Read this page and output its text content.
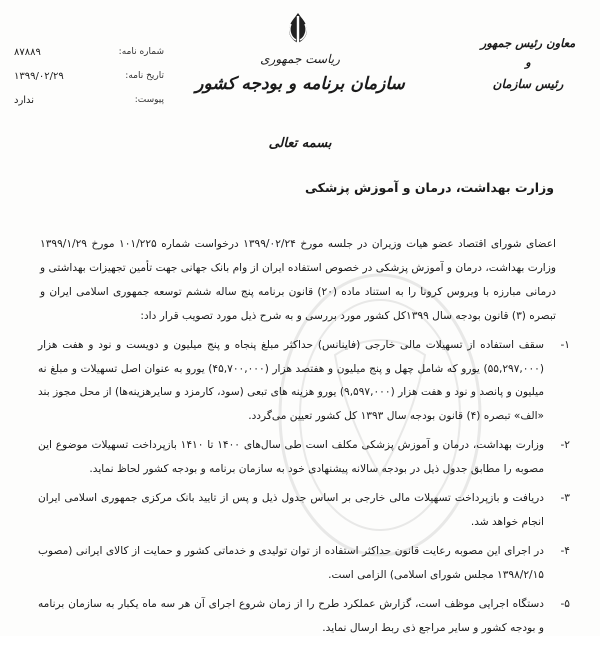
شماره نامه:
۸۷۸۸۹
تاریخ نامه:
۱۳۹۹/۰۲/۲۹
پیوست:
ندارد
ریاست جمهوری
سازمان برنامه و بودجه کشور
معاون رئیس جمهور
و
رئیس سازمان
بسمه تعالی
وزارت بهداشت، درمان و آموزش پزشکی
اعضای شورای اقتصاد عضو هیات وزیران در جلسه مورخ ۱۳۹۹/۰۲/۲۴ درخواست شماره ۱۰۱/۲۲۵ مورخ ۱۳۹۹/۱/۲۹ وزارت بهداشت، درمان و آموزش پزشکی در خصوص استفاده ایران از وام بانک جهانی جهت تأمین تجهیزات بهداشتی و درمانی مبارزه با ویروس کرونا را به استناد ماده (۲۰) قانون برنامه پنج ساله ششم توسعه جمهوری اسلامی ایران و تبصره (۳) قانون بودجه سال ۱۳۹۹کل کشور مورد بررسی و به شرح ذیل مورد تصویب قرار داد:
۱-
سقف استفاده از تسهیلات مالی خارجی (فاینانس) حداکثر مبلغ پنجاه و پنج میلیون و دویست و نود و هفت هزار (۵۵,۲۹۷,۰۰۰) یورو که شامل چهل و پنج میلیون و هفتصد هزار (۴۵,۷۰۰,۰۰۰) یورو به عنوان اصل تسهیلات و مبلغ نه میلیون و پانصد و نود و هفت هزار (۹,۵۹۷,۰۰۰) یورو هزینه های تبعی (سود، کارمزد و سایرهزینه‌ها) از محل مجوز بند «الف» تبصره (۴) قانون بودجه سال ۱۳۹۳ کل کشور تعیین می‌گردد.
۲-
وزارت بهداشت، درمان و آموزش پزشکی مکلف است طی سال‌های ۱۴۰۰ تا ۱۴۱۰ بازپرداخت تسهیلات موضوع این مصوبه را مطابق جدول ذیل در بودجه سالانه پیشنهادی خود به سازمان برنامه و بودجه کشور لحاظ نماید.
۳-
دریافت و بازپرداخت تسهیلات مالی خارجی بر اساس جدول ذیل و پس از تایید بانک مرکزی جمهوری اسلامی ایران انجام خواهد شد.
۴-
در اجرای این مصوبه رعایت قانون حداکثر استفاده از توان تولیدی و خدماتی کشور و حمایت از کالای ایرانی (مصوب ۱۳۹۸/۲/۱۵ مجلس شورای اسلامی) الزامی است.
۵-
دستگاه اجرایی موظف است، گزارش عملکرد طرح را از زمان شروع اجرای آن هر سه ماه یکبار به سازمان برنامه و بودجه کشور و سایر مراجع ذی ربط ارسال نماید.
